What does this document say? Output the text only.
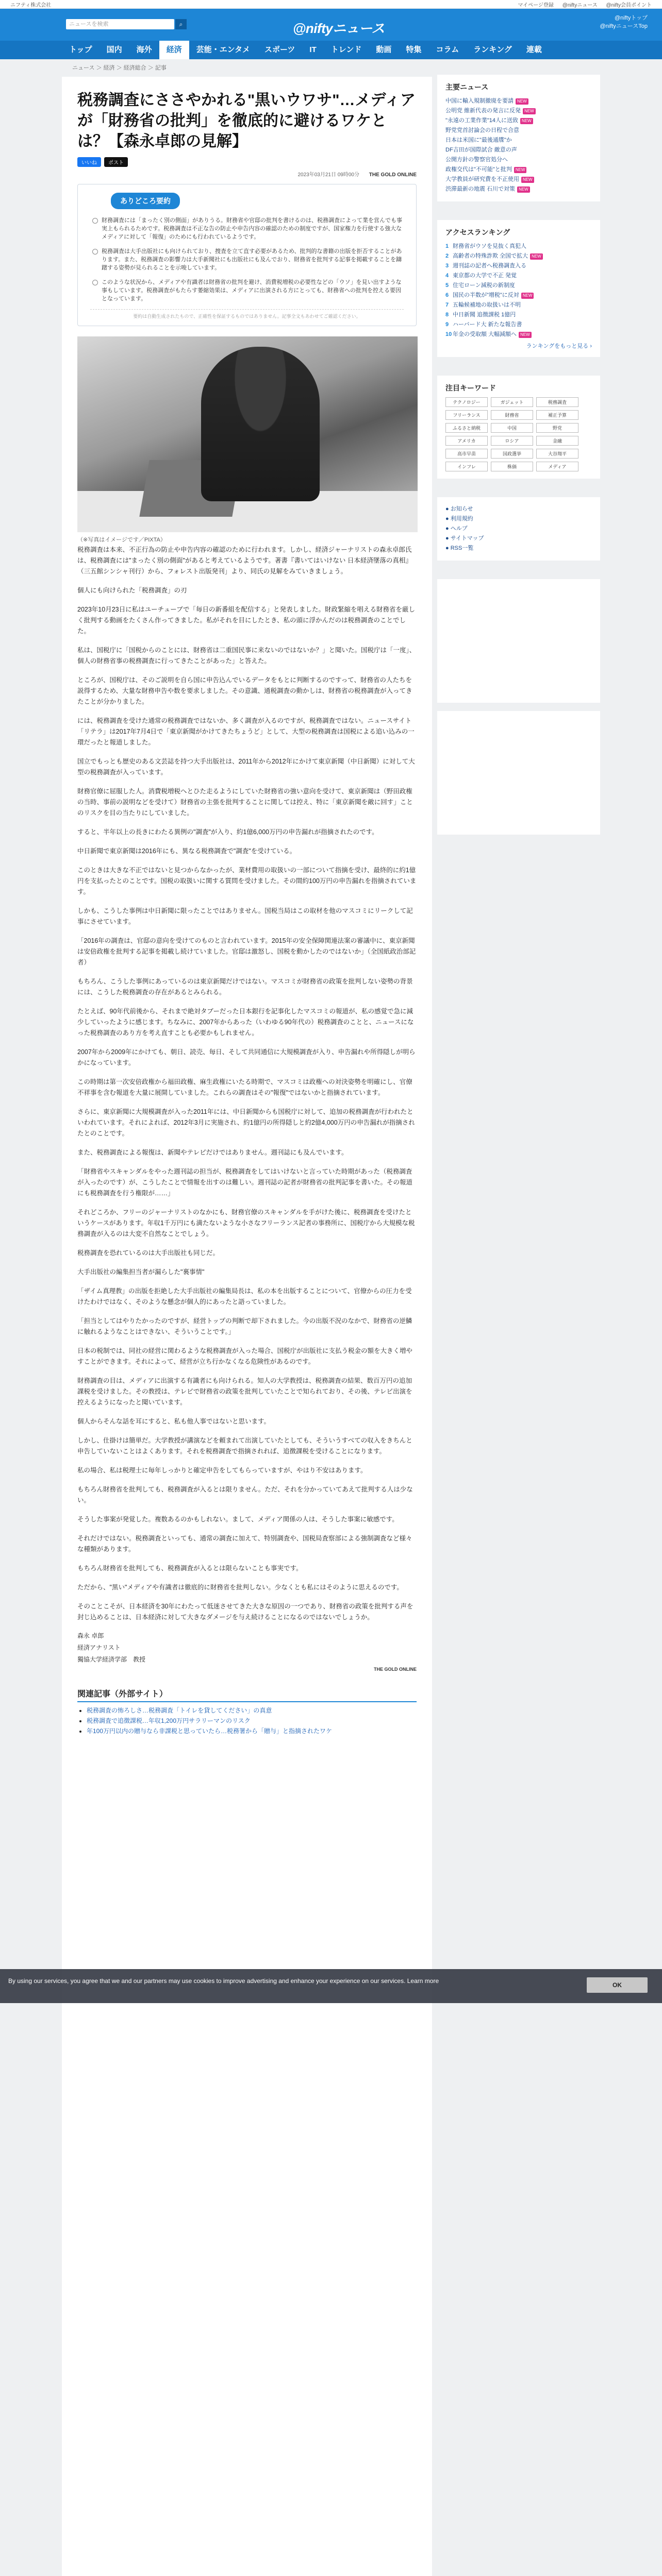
ニフティ株式会社	マイページ登録 @niftyニュース @nifty会員ポイント
ニュースを検索	⌕	@niftyニュース
@niftyトップ
@niftyニュースTop
トップ	国内	海外	経済	芸能・エンタメ	スポーツ	IT	トレンド	動画	特集	コラム	ランキング	連載
ニュース ＞ 経済 ＞ 経済総合 ＞ 記事
税務調査にささやかれる"黒いウワサ"…メディアが「財務省の批判」を徹底的に避けるワケとは？【森永卓郎の見解】
いいね	ポスト
2023年03月21日 09時00分 THE GOLD ONLINE
ありどころ要約
財務調査には「まったく別の側面」がありうる。財務省や官邸の批判を書けるのは、税務調査によって業を営んでも事実上もられるためです。税務調査は不正な告の防止や申告内容の確認のための制度ですが、国家権力を行使する強大なメディアに対して「報復」のためにも行われているようです。
税務調査は大手出版社にも向けられており、捜査を立て直す必要があるため、批判的な書籍の出版を拒否することがあります。また、税務調査の影響力は大手新聞社にも出版社にも及んでおり、財務省を批判する記事を掲載することを躊躇する姿勢が見られることを示唆しています。
このような状況から、メディアや有識者は財務省の批判を避け、消費税増税の必要性などの「ウソ」を見い出すような事もしています。税務調査がもたらす萎縮効果は、メディアに出演される方にとっても、財務省への批判を控える要因となっています。
要約は自動生成されたもので、正確性を保証するものではありません。記事全文もあわせてご確認ください。
（※写真はイメージです／PIXTA）

税務調査は本来、不正行為の防止や申告内容の確認のために行われます。しかし、経済ジャーナリストの森永卓郎氏は、税務調査には"まったく別の側面"があると考えているようです。著書『書いてはいけない 日本経済墜落の真相』（三五館シンシャ刊行）から、フォレスト出版発刊」より、同氏の見解をみていきましょう。

個人にも向けられた「税務調査」の刃

2023年10月23日に私はユーチューブで「毎日の新番組を配信する」と発表しました。財政緊縮を唱える財務省を厳しく批判する動画をたくさん作ってきました。私がそれを目にしたとき、私の頭に浮かんだのは税務調査のことでした。

私は、国税庁に「国税からのことには、財務省は二重国民事に来ないのではないか？」と聞いた。国税庁は「一度」、個人の財務省事の税務調査に行ってきたことがあった」と答えた。

ところが、国税庁は、そのご説明を自ら国に申告込んでいるデータをもとに判断するのですって、財務省の人たちを説得するため、大量な財務申告や数を要求しました。その意識、通税調査の動かしは、財務省の税務調査が入ってきたことが分かりました。

には、税務調査を受けた通常の税務調査ではないか、多く調査が入るのですが、税務調査ではない。ニュースサイト「リテラ」は2017年7月4日で「東京新聞がかけてきたちょうど」として、大型の税務調査は国税による追い込みの一環だったと報道しました。

国立でもっとも歴史のある文芸誌を持つ大手出版社は、2011年から2012年にかけて東京新聞（中日新聞）に対して大型の税務調査が入っています。

財務官僚に屈服した人。消費税増税へとひた走るようにしていた財務省の強い意向を受けて、東京新聞は（野田政権の当時、事前の説明などを受けて）財務省の主張を批判することに関しては控え、特に「東京新聞を敵に回す」ことのリスクを目の当たりにしていました。

すると、半年以上の長きにわたる異例の"調査"が入り、約1億6,000万円の申告漏れが指摘されたのです。

中日新聞で東京新聞は2016年にも、異なる税務調査で"調査"を受けている。

このときは大きな不正ではないと見つからなかったが、業材費用の取扱いの一部について指摘を受け、最終的に約1億円を支払ったとのことです。国税の取扱いに関する質問を受けました。その間約100万円の申告漏れを指摘されています。

しかも、こうした事例は中日新聞に限ったことではありません。国税当局はこの取材を他のマスコミにリークして記事にさせています。

「2016年の調査は、官邸の意向を受けてのものと言われています。2015年の安全保障関連法案の審議中に、東京新聞は安倍政権を批判する記事を掲載し続けていました。官邸は激怒し、国税を動かしたのではないか」（全国紙政治部記者）

もちろん、こうした事例にあっているのは東京新聞だけではない。マスコミが財務省の政策を批判しない姿勢の背景には、こうした税務調査の存在があるとみられる。

たとえば、90年代前後から、それまで絶対タブーだった日本銀行を記事化したマスコミの報道が、私の感覚で急に減少していったように感じます。ちなみに、2007年からあった（いわゆる90年代の）税務調査のことと、ニュースになった税務調査のあり方を考え直すことも必要かもしれません。

2007年から2009年にかけても、朝日、読売、毎日、そして共同通信に大規模調査が入り、申告漏れや所得隠しが明らかになっています。

この時期は第一次安倍政権から福田政権、麻生政権にいたる時期で、マスコミは政権への対決姿勢を明確にし、官僚不祥事を含む報道を大量に展開していました。これらの調査はその"報復"ではないかと指摘されています。

さらに、東京新聞に大規模調査が入った2011年には、中日新聞からも国税庁に対して、追加の税務調査が行われたといわれています。それによれば、2012年3月に実施され、約1億円の所得隠しと約2億4,000万円の申告漏れが指摘されたとのことです。

また、税務調査による報復は、新聞やテレビだけではありません。週刊誌にも及んでいます。

「財務省やスキャンダルをやった週刊誌の担当が、税務調査をしてはいけないと言っていた時期があった（税務調査が入ったのです）が、こうしたことで情報を出すのは難しい。週刊誌の記者が財務省の批判記事を書いた。その報道にも税務調査を行う権限が……」

それどころか、フリーのジャーナリストのなかにも、財務官僚のスキャンダルを手がけた後に、税務調査を受けたというケースがあります。年収1千万円にも満たないような小さなフリーランス記者の事務所に、国税庁から大規模な税務調査が入るのは大変不自然なことでしょう。

税務調査を恐れているのは大手出版社も同じだ。

大手出版社の編集担当者が漏らした"裏事情"

「ザイム真理教」の出版を拒絶した大手出版社の編集局長は、私の本を出版することについて、官僚からの圧力を受けたわけではなく、そのような懸念が個人的にあったと語っていました。

「担当としてはやりたかったのですが、経営トップの判断で却下されました。今の出版不況のなかで、財務省の逆鱗に触れるようなことはできない、そういうことです。」

日本の税制では、同社の経営に関わるような税務調査が入った場合、国税庁が出版社に支払う税金の額を大きく増やすことができます。それによって、経営が立ち行かなくなる危険性があるのです。

財務調査の目は、メディアに出演する有識者にも向けられる。知人の大学教授は、税務調査の結果、数百万円の追加課税を受けました。その教授は、テレビで財務省の政策を批判していたことで知られており、その後、テレビ出演を控えるようになったと聞いています。

個人からそんな話を耳にすると、私も他人事ではないと思います。

しかし、仕掛けは簡単だ。大学教授が講演などを頼まれて出演していたとしても、そういうすべての収入をきちんと申告していないことはよくあります。それを税務調査で指摘されれば、追徴課税を受けることになります。

私の場合、私は税理士に毎年しっかりと確定申告をしてもらっていますが、やはり不安はあります。

もちろん財務省を批判しても、税務調査が入るとは限りません。ただ、それを分かっていてあえて批判する人は少ない。

そうした事案が発覚した。複数あるのかもしれない。まして、メディア関係の人は、そうした事案に敏感です。

それだけではない。税務調査といっても、通常の調査に加えて、特別調査や、国税局査察部による強制調査など様々な種類があります。

もちろん財務省を批判しても、税務調査が入るとは限らないことも事実です。

ただから、"黒い"メディアや有識者は徹底的に財務省を批判しない。少なくとも私にはそのように思えるのです。

そのことこそが、日本経済を30年にわたって低迷させてきた大きな原因の一つであり、財務省の政策を批判する声を封じ込めることは、日本経済に対して大きなダメージを与え続けることになるのではないでしょうか。

森永 卓郎
経済アナリスト
獨協大学経済学部　教授
THE GOLD ONLINE
関連記事（外部サイト）
• 税務調査の怖ろしさ…税務調査「トイレを貸してください」の真意
• 税務調査で追徴課税…年収1,200万円サラリーマンのリスク
• 年100万円以内の贈与なら非課税と思っていたら…税務署から「贈与」と指摘されたワケ
主要ニュース
中国に輸入規制撤廃を要請 NEW
公明党 維新代表の発言に反発 NEW
"永遠の工業作業"14人に送致 NEW
野党党首討論会の日程で合意
日本は米国に"最後通牒"か
DF吉田が国際試合 敵意の声
公開方針の警察官処分へ
政権交代は"不可能"と批判 NEW
大学教員が研究費を不正使用 NEW
渋滞最新の地震 石川で対策 NEW
アクセスランキング
1 財務省がウソを見抜く真犯人
2 高齢者の特殊詐欺 全国で拡大 NEW
3 週刊誌の記者へ税務調査入る
4 東京都の大学で不正 発覚
5 住宅ローン減税の新制度
6 国民の半数が"増税"に反対 NEW
7 五輪候補地の取扱いは不明
8 中日新聞 追徴課税 1億円
9 ハーバード大 新たな報告書
10 年金の受取額 大幅減額へ NEW
ランキングをもっと見る ›
注目キーワード
テクノロジー	ガジェット	税務調査
フリーランス	財務省	補正予算
ふるさと納税	中国	野党
アメリカ	ロシア	金融
高市早苗	国政選挙	大谷翔平
インフレ	株価	メディア
● お知らせ
● 利用規約
● ヘルプ
● サイトマップ
● RSS一覧
By using our services, you agree that we and our partners may use cookies to improve advertising and enhance your experience on our services. Learn more
OK
